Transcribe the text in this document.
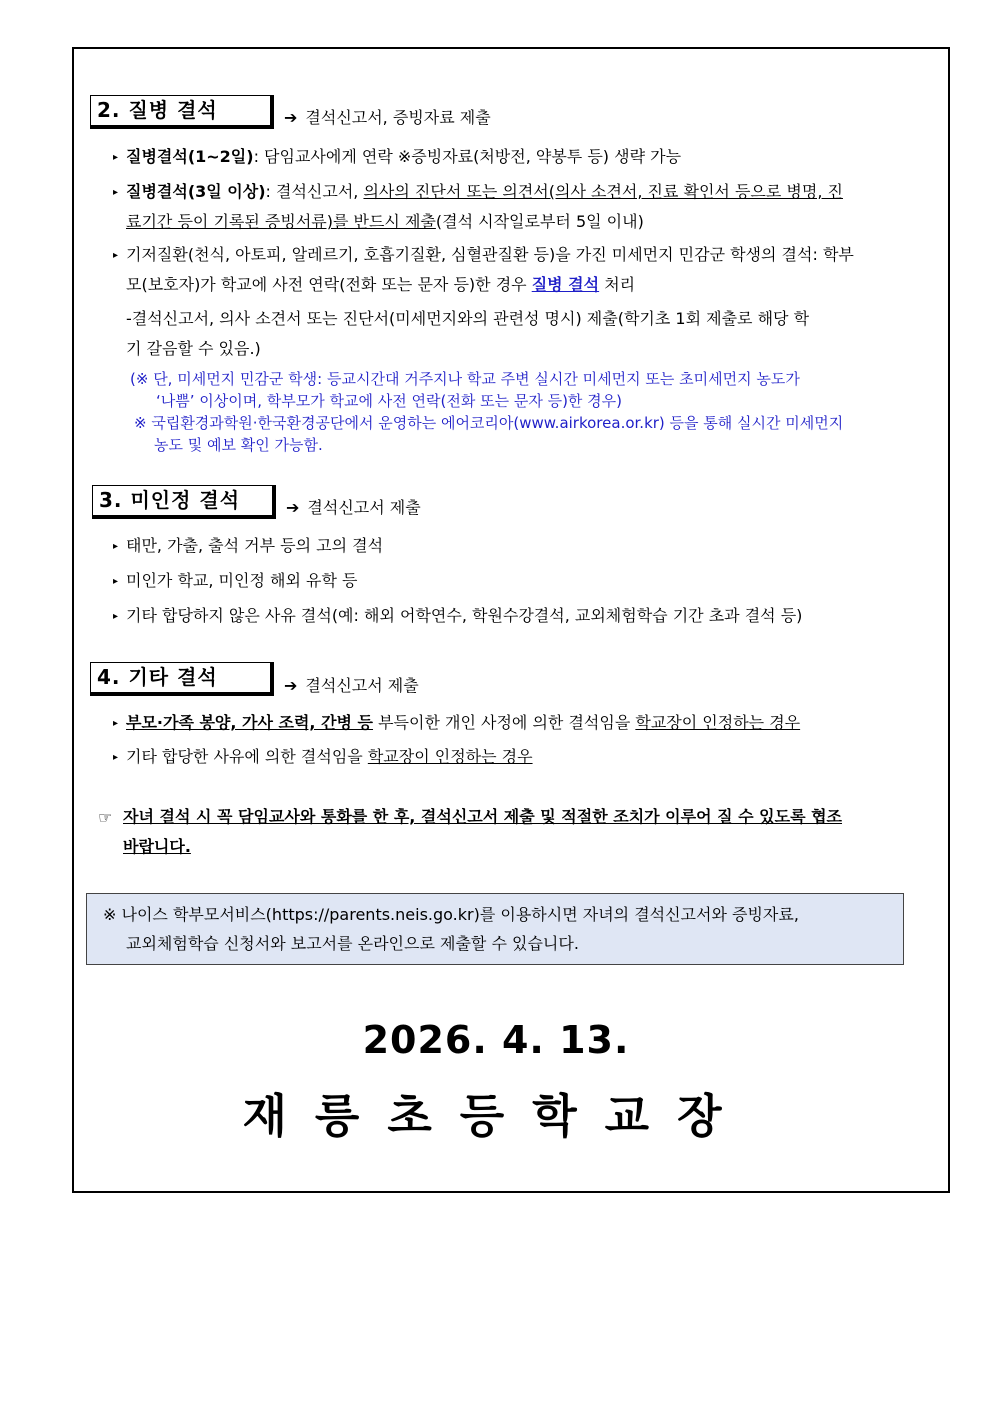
2. 질병 결석	➔ 결석신고서, 증빙자료 제출
▸ 질병결석(1~2일): 담임교사에게 연락 ※증빙자료(처방전, 약봉투 등) 생략 가능
▸ 질병결석(3일 이상): 결석신고서, 의사의 진단서 또는 의견서(의사 소견서, 진료 확인서 등으로 병명, 진
료기간 등이 기록된 증빙서류)를 반드시 제출(결석 시작일로부터 5일 이내)
▸ 기저질환(천식, 아토피, 알레르기, 호흡기질환, 심혈관질환 등)을 가진 미세먼지 민감군 학생의 결석: 학부
모(보호자)가 학교에 사전 연락(전화 또는 문자 등)한 경우 질병 결석 처리
-결석신고서, 의사 소견서 또는 진단서(미세먼지와의 관련성 명시) 제출(학기초 1회 제출로 해당 학
기 갈음할 수 있음.)
(※ 단, 미세먼지 민감군 학생: 등교시간대 거주지나 학교 주변 실시간 미세먼지 또는 초미세먼지 농도가
‘나쁨’ 이상이며, 학부모가 학교에 사전 연락(전화 또는 문자 등)한 경우)
※ 국립환경과학원·한국환경공단에서 운영하는 에어코리아(www.airkorea.or.kr) 등을 통해 실시간 미세먼지
농도 및 예보 확인 가능함.
3. 미인정 결석	➔ 결석신고서 제출
▸ 태만, 가출, 출석 거부 등의 고의 결석
▸ 미인가 학교, 미인정 해외 유학 등
▸ 기타 합당하지 않은 사유 결석(예: 해외 어학연수, 학원수강결석, 교외체험학습 기간 초과 결석 등)
4. 기타 결석	➔ 결석신고서 제출
▸ 부모·가족 봉양, 가사 조력, 간병 등 부득이한 개인 사정에 의한 결석임을 학교장이 인정하는 경우
▸ 기타 합당한 사유에 의한 결석임을 학교장이 인정하는 경우
☞ 자녀 결석 시 꼭 담임교사와 통화를 한 후, 결석신고서 제출 및 적절한 조치가 이루어 질 수 있도록 협조
바랍니다.
※ 나이스 학부모서비스(https://parents.neis.go.kr)를 이용하시면 자녀의 결석신고서와 증빙자료,
교외체험학습 신청서와 보고서를 온라인으로 제출할 수 있습니다.
2026. 4. 13.
재릉초등학교장
